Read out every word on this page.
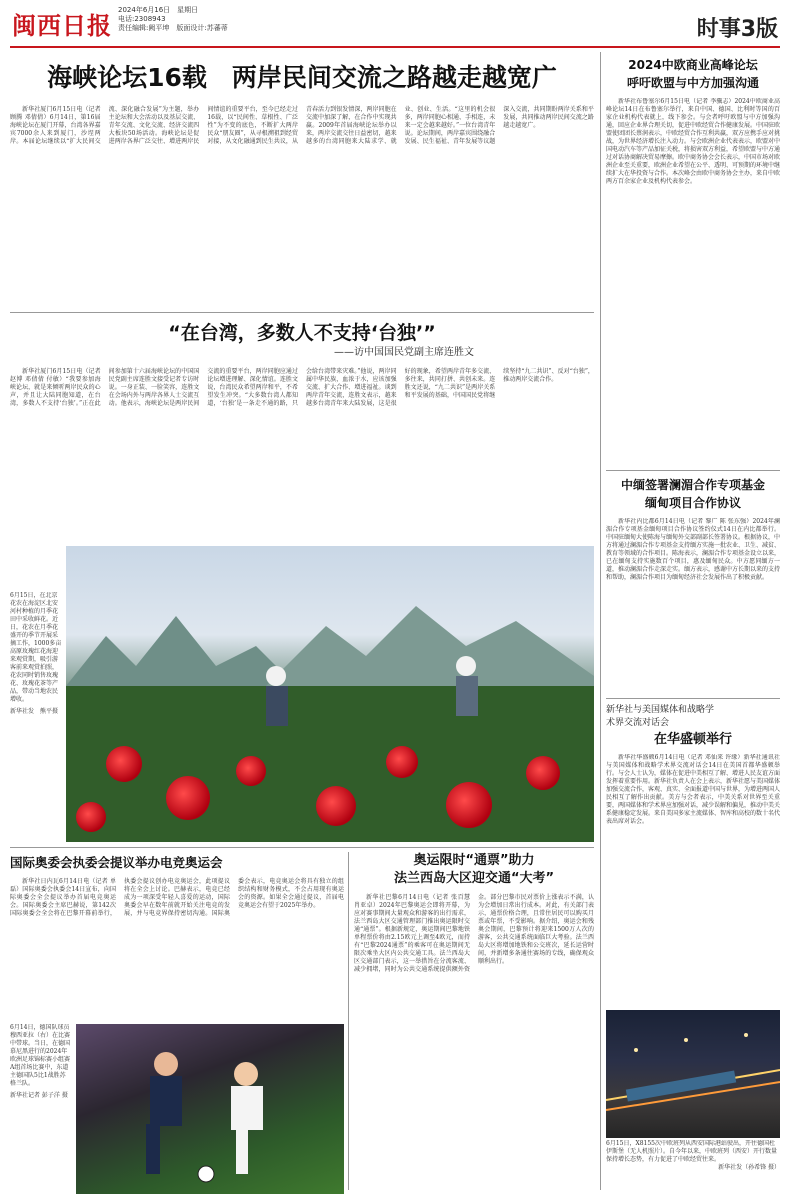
闽西日报
2024年6月16日　星期日
电话:2308943
责任编辑:阙平坤　版面设计:苏蕃蒂	时事3版
海峡论坛16载　两岸民间交流之路越走越宽广

新华社厦门6月15日电（记者 顾腾 邓倩倩）6月14日，第16届海峡论坛在厦门开幕，台湾各界嘉宾7000余人来到厦门，沙埕两岸。本届论坛继续以“扩大民间交流、深化融合发展”为主题，举办主论坛和大会活动以及基层交流、青年交流、文化交流、经济交流四大板块50场活动。海峡论坛是促进两岸各界广泛交往、增进两岸民间情谊的重要平台，至今已经走过16载，以“民间性、草根性、广泛性”为不变的底色，不断扩大两岸民众“朋友圈”，从寻根溯祖到经贸对接，从文化融通到民生共议，从青春活力到银发情深，两岸同胞在交流中加深了解，在合作中实现共赢。2009年首届海峡论坛举办以来，两岸交流交往日益密切，越来越多的台湾同胞来大陆求学、就业、创业、生活。“这里的机会很多，两岸同胞心相通、手相连，未来一定会越来越好。”一位台湾青年说。论坛期间，两岸嘉宾围绕融合发展、民生福祉、青年发展等议题深入交流，共同期盼两岸关系和平发展，共同推动两岸民间交流之路越走越宽广。

“在台湾，多数人不支持‘台独’”
——访中国国民党副主席连胜文

新华社厦门6月15日电（记者 赵博 邓倩倩 付敏）“我要参加海峡论坛，就是来倾听两岸民众的心声，并且让大陆同胞知道，在台湾，多数人不支持‘台独’。”正在此间参加第十六届海峡论坛的中国国民党副主席连胜文接受记者专访时说。一身正装、一脸笑容，连胜文在会场内外与两岸各界人士交流互动。他表示，海峡论坛是两岸民间交流的重要平台，两岸同胞应通过论坛增进理解、深化情谊。连胜文说，台湾民众希望两岸和平，不希望发生冲突。“大多数台湾人都知道，‘台独’是一条走不通的路，只会给台湾带来灾难。”他说，两岸同属中华民族，血浓于水，应该加强交流、扩大合作、增进福祉。谈到两岸青年交流，连胜文表示，越来越多台湾青年来大陆发展，这是很好的现象，希望两岸青年多交流、多往来，共同打拼、共创未来。连胜文还说，“九二共识”是两岸关系和平发展的基础，中国国民党将继续坚持“九二共识”、反对“台独”，推动两岸交流合作。

6月15日，在北京花农在海淀区北安河村种植的月季花田中采收鲜花。近日，花农在月季花盛开的季节开展采摘工作，1000多亩高原玫瑰红花海迎来观赏期，吸引游客前来观赏拍照，花农同时销售玫瑰花、玫瑰花茶等产品，带动当地农民增收。
新华社发　熊平摄
国际奥委会执委会提议举办电竞奥运会

新华社日内瓦6月14日电（记者 单磊）国际奥委会执委会14日宣布，向国际奥委会全会提议举办首届电竞奥运会。国际奥委会主席巴赫说，第142次国际奥委会全会将在巴黎开幕前举行，执委会提议创办电竞奥运会，此项提议将在全会上讨论。巴赫表示，电竞已经成为一项深受年轻人喜爱的运动，国际奥委会早在数年前就开始关注电竞的发展，并与电竞界保持密切沟通。国际奥委会表示，电竞奥运会将具有独立的组织结构和财务模式，不会占用现有奥运会的资源。如果全会通过提议，首届电竞奥运会有望于2025年举办。

6月14日，德国队球员穆西亚拉（右）在比赛中带球。当日，在德国慕尼黑进行的2024年欧洲足球锦标赛小组赛A组首场比赛中，东道主德国队5比1战胜苏格兰队。
新华社记者 彭子洋 摄
奥运限时“通票”助力
法兰西岛大区迎交通“大考”

新华社巴黎6月14日电（记者 张百慧 肖亚卓）2024年巴黎奥运会即将开幕，为应对赛事期间大量观众和游客的出行需求，法兰西岛大区交通管理部门推出奥运限时交通“通票”。根据新规定，奥运期间巴黎地铁单程票价将由2.15欧元上调至4欧元，而持有“巴黎2024通票”的乘客可在奥运期间无限次乘坐大区内公共交通工具。法兰西岛大区交通部门表示，这一举措旨在分流客流、减少拥堵，同时为公共交通系统提供额外资金。部分巴黎市民对票价上涨表示不满，认为会增加日常出行成本。对此，有关部门表示，通票价格合理，且常住居民可以购买月票或年票，不受影响。据介绍，奥运会和残奥会期间，巴黎预计将迎来1500万人次的游客，公共交通系统面临巨大考验。法兰西岛大区将增加地铁和公交班次，延长运营时间，并新增多条通往赛场的专线，确保观众顺利出行。

2024中欧商业高峰论坛
呼吁欧盟与中方加强沟通

新华社布鲁塞尔6月15日电（记者 李骥志）2024中欧商业高峰论坛14日在布鲁塞尔举行，来自中国、德国、比利时等国的百家企业机构代表就上，线下参会。与会者呼吁欧盟与中方加强沟通，回应企业界合理关切，促进中欧经贸合作健康发展。中国驻欧盟使团团长蔡润表示，中欧经贸合作互利共赢，双方应携手应对挑战，为世界经济增长注入动力。与会欧洲企业代表表示，欧盟对中国电动汽车等产品加征关税，将损害双方利益，希望欧盟与中方通过对话协商解决贸易摩擦。欧中商务协会会长表示，中国市场对欧洲企业至关重要，欧洲企业希望在公平、透明、可预期的环境中继续扩大在华投资与合作。本次峰会由欧中商务协会主办，来自中欧两方百余家企业及机构代表参会。

中缅签署澜湄合作专项基金
缅甸项目合作协议

新华社内比都6月14日电（记者 黎广 陈 张东强）2024年澜湄合作专项基金缅甸项目合作协议签约仪式14日在内比都举行。中国驻缅甸大使陈海与缅甸外交部副部长签署协议。根据协议，中方将通过澜湄合作专项基金支持缅方实施一批农业、卫生、减贫、教育等领域的合作项目。陈海表示，澜湄合作专项基金设立以来，已在缅甸支持实施数百个项目，惠及缅甸民众。中方愿同缅方一道，推动澜湄合作走深走实。缅方表示，感谢中方长期以来的支持和帮助，澜湄合作项目为缅甸经济社会发展作出了积极贡献。

新华社与美国媒体和战略学
术界交流对话会
在华盛顿举行

新华社华盛顿6月14日电（记者 邓仙来 许缘）新华社通讯社与美国媒体和战略学术界交流对话会14日在美国首都华盛顿举行。与会人士认为，媒体在促进中美相互了解、增进人民友谊方面发挥着重要作用。新华社负责人在会上表示，新华社愿与美国媒体加强交流合作，客观、真实、全面报道中国与世界，为增进两国人民相互了解作出贡献。美方与会者表示，中美关系对世界至关重要，两国媒体和学术界应加强对话，减少误解和偏见，推动中美关系健康稳定发展。来自美国多家主流媒体、智库和高校的数十名代表出席对话会。

6月15日，X8155次中欧班列从西安国际港站驶出，开往德国杜伊斯堡（无人机照片）。自今年以来，中欧班列（西安）开行数量保持增长态势，有力促进了中欧经贸往来。
新华社发（孙希锋 摄）
